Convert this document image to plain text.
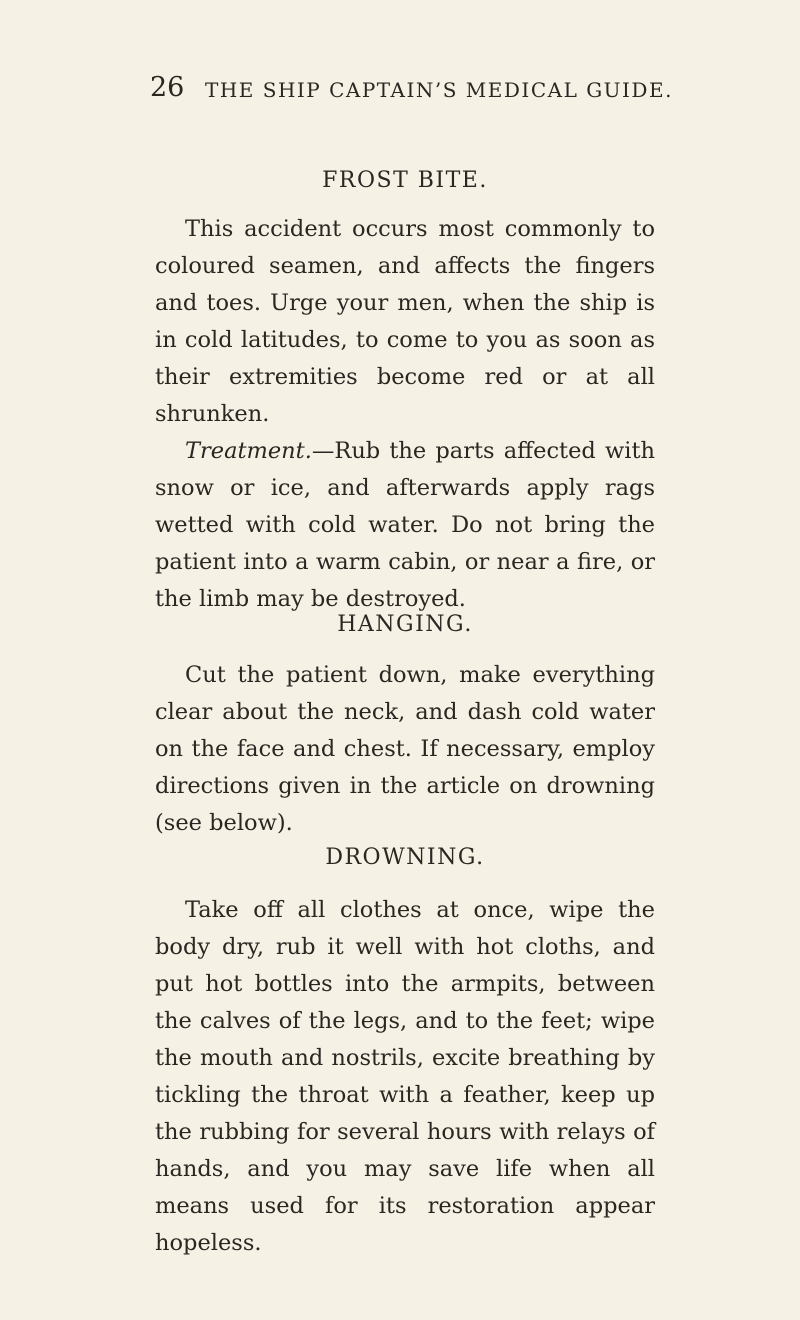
26 THE SHIP CAPTAIN’S MEDICAL GUIDE.
FROST BITE.

This accident occurs most commonly to coloured seamen, and affects the fingers and toes. Urge your men, when the ship is in cold latitudes, to come to you as soon as their extremities become red or at all shrunken.

Treatment.—Rub the parts affected with snow or ice, and afterwards apply rags wetted with cold water. Do not bring the patient into a warm cabin, or near a fire, or the limb may be destroyed.

HANGING.

Cut the patient down, make everything clear about the neck, and dash cold water on the face and chest. If necessary, employ directions given in the article on drowning (see below).

DROWNING.

Take off all clothes at once, wipe the body dry, rub it well with hot cloths, and put hot bottles into the armpits, between the calves of the legs, and to the feet; wipe the mouth and nostrils, excite breathing by tickling the throat with a feather, keep up the rubbing for several hours with relays of hands, and you may save life when all means used for its restoration appear hopeless.
